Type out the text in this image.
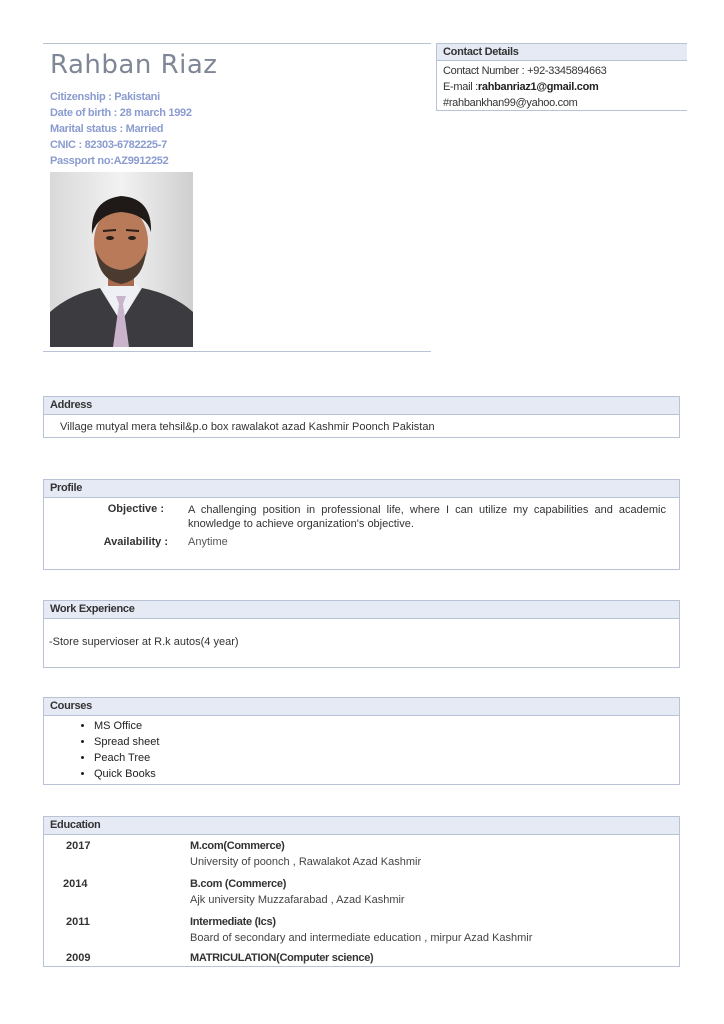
Rahban Riaz
Citizenship : Pakistani
Date of birth : 28 march 1992
Marital status : Married
CNIC : 82303-6782225-7
Passport no:AZ9912252
Contact Details
Contact Number : +92-3345894663
E-mail :rahbanriaz1@gmail.com
#rahbankhan99@yahoo.com
Address
Village mutyal mera tehsil&p.o box rawalakot azad Kashmir Poonch Pakistan
Profile
Objective : A challenging position in professional life, where I can utilize my capabilities and academic knowledge to achieve organization's objective.
Availability : Anytime
Work Experience
-Store supervioser at R.k autos(4 year)
Courses
• MS Office
• Spread sheet
• Peach Tree
• Quick Books
Education
2017	M.com(Commerce)
University of poonch , Rawalakot Azad Kashmir
2014	B.com (Commerce)
Ajk university Muzzafarabad , Azad Kashmir
2011	Intermediate (Ics)
Board of secondary and intermediate education , mirpur Azad Kashmir
2009	MATRICULATION(Computer science)
